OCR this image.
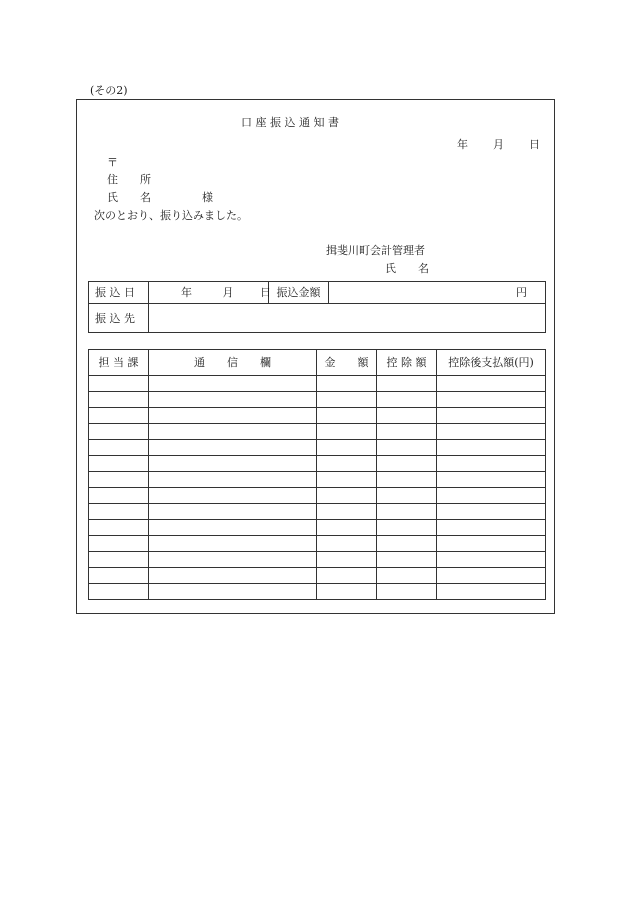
(その2)
口 座 振 込 通 知 書
年 月 日
〒
住　　所
氏　　名	様
次のとおり、振り込みました。
揖斐川町会計管理者
氏　　名
振 込 日	年 月 日	振込金額	円
振 込 先			
担 当 課	通　　信　　欄	金　　額	控 除 額	控除後支払額(円)
